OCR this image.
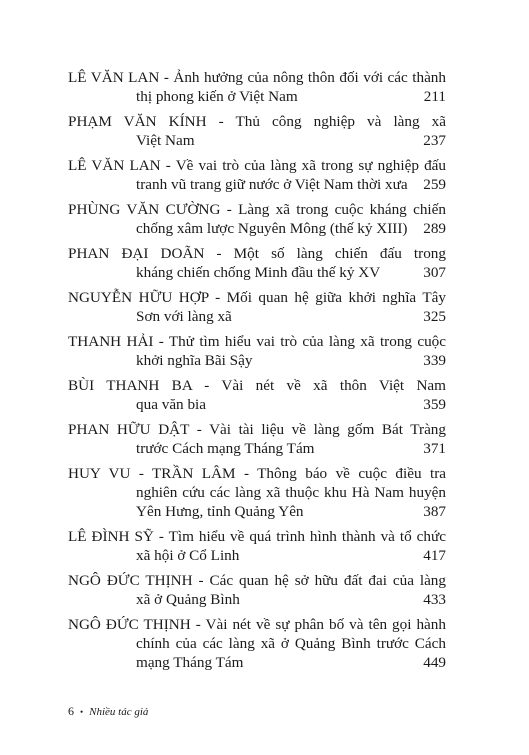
LÊ VĂN LAN - Ảnh hưởng của nông thôn đối với các thành
thị phong kiến ở Việt Nam	211
PHẠM VĂN KÍNH - Thủ công nghiệp và làng xã
Việt Nam	237
LÊ VĂN LAN - Về vai trò của làng xã trong sự nghiệp đấu
tranh vũ trang giữ nước ở Việt Nam thời xưa 259
PHÙNG VĂN CƯỜNG - Làng xã trong cuộc kháng chiến
chống xâm lược Nguyên Mông (thế kỷ XIII) 289
PHAN ĐẠI DOÃN - Một số làng chiến đấu trong
kháng chiến chống Minh đầu thế kỷ XV	307
NGUYỄN HỮU HỢP - Mối quan hệ giữa khởi nghĩa Tây
Sơn với làng xã	325
THANH HẢI - Thử tìm hiểu vai trò của làng xã trong cuộc
khởi nghĩa Bãi Sậy	339
BÙI THANH BA - Vài nét về xã thôn Việt Nam
qua văn bia	359
PHAN HỮU DẬT - Vài tài liệu về làng gốm Bát Tràng
trước Cách mạng Tháng Tám	371
HUY VU - TRẦN LÂM - Thông báo về cuộc điều tra
nghiên cứu các làng xã thuộc khu Hà Nam huyện
Yên Hưng, tỉnh Quảng Yên	387
LÊ ĐÌNH SỸ - Tìm hiểu về quá trình hình thành và tổ chức
xã hội ở Cổ Linh	417
NGÔ ĐỨC THỊNH - Các quan hệ sở hữu đất đai của làng
xã ở Quảng Bình	433
NGÔ ĐỨC THỊNH - Vài nét về sự phân bố và tên gọi hành
chính của các làng xã ở Quảng Bình trước Cách
mạng Tháng Tám	449
6 • Nhiều tác giả
